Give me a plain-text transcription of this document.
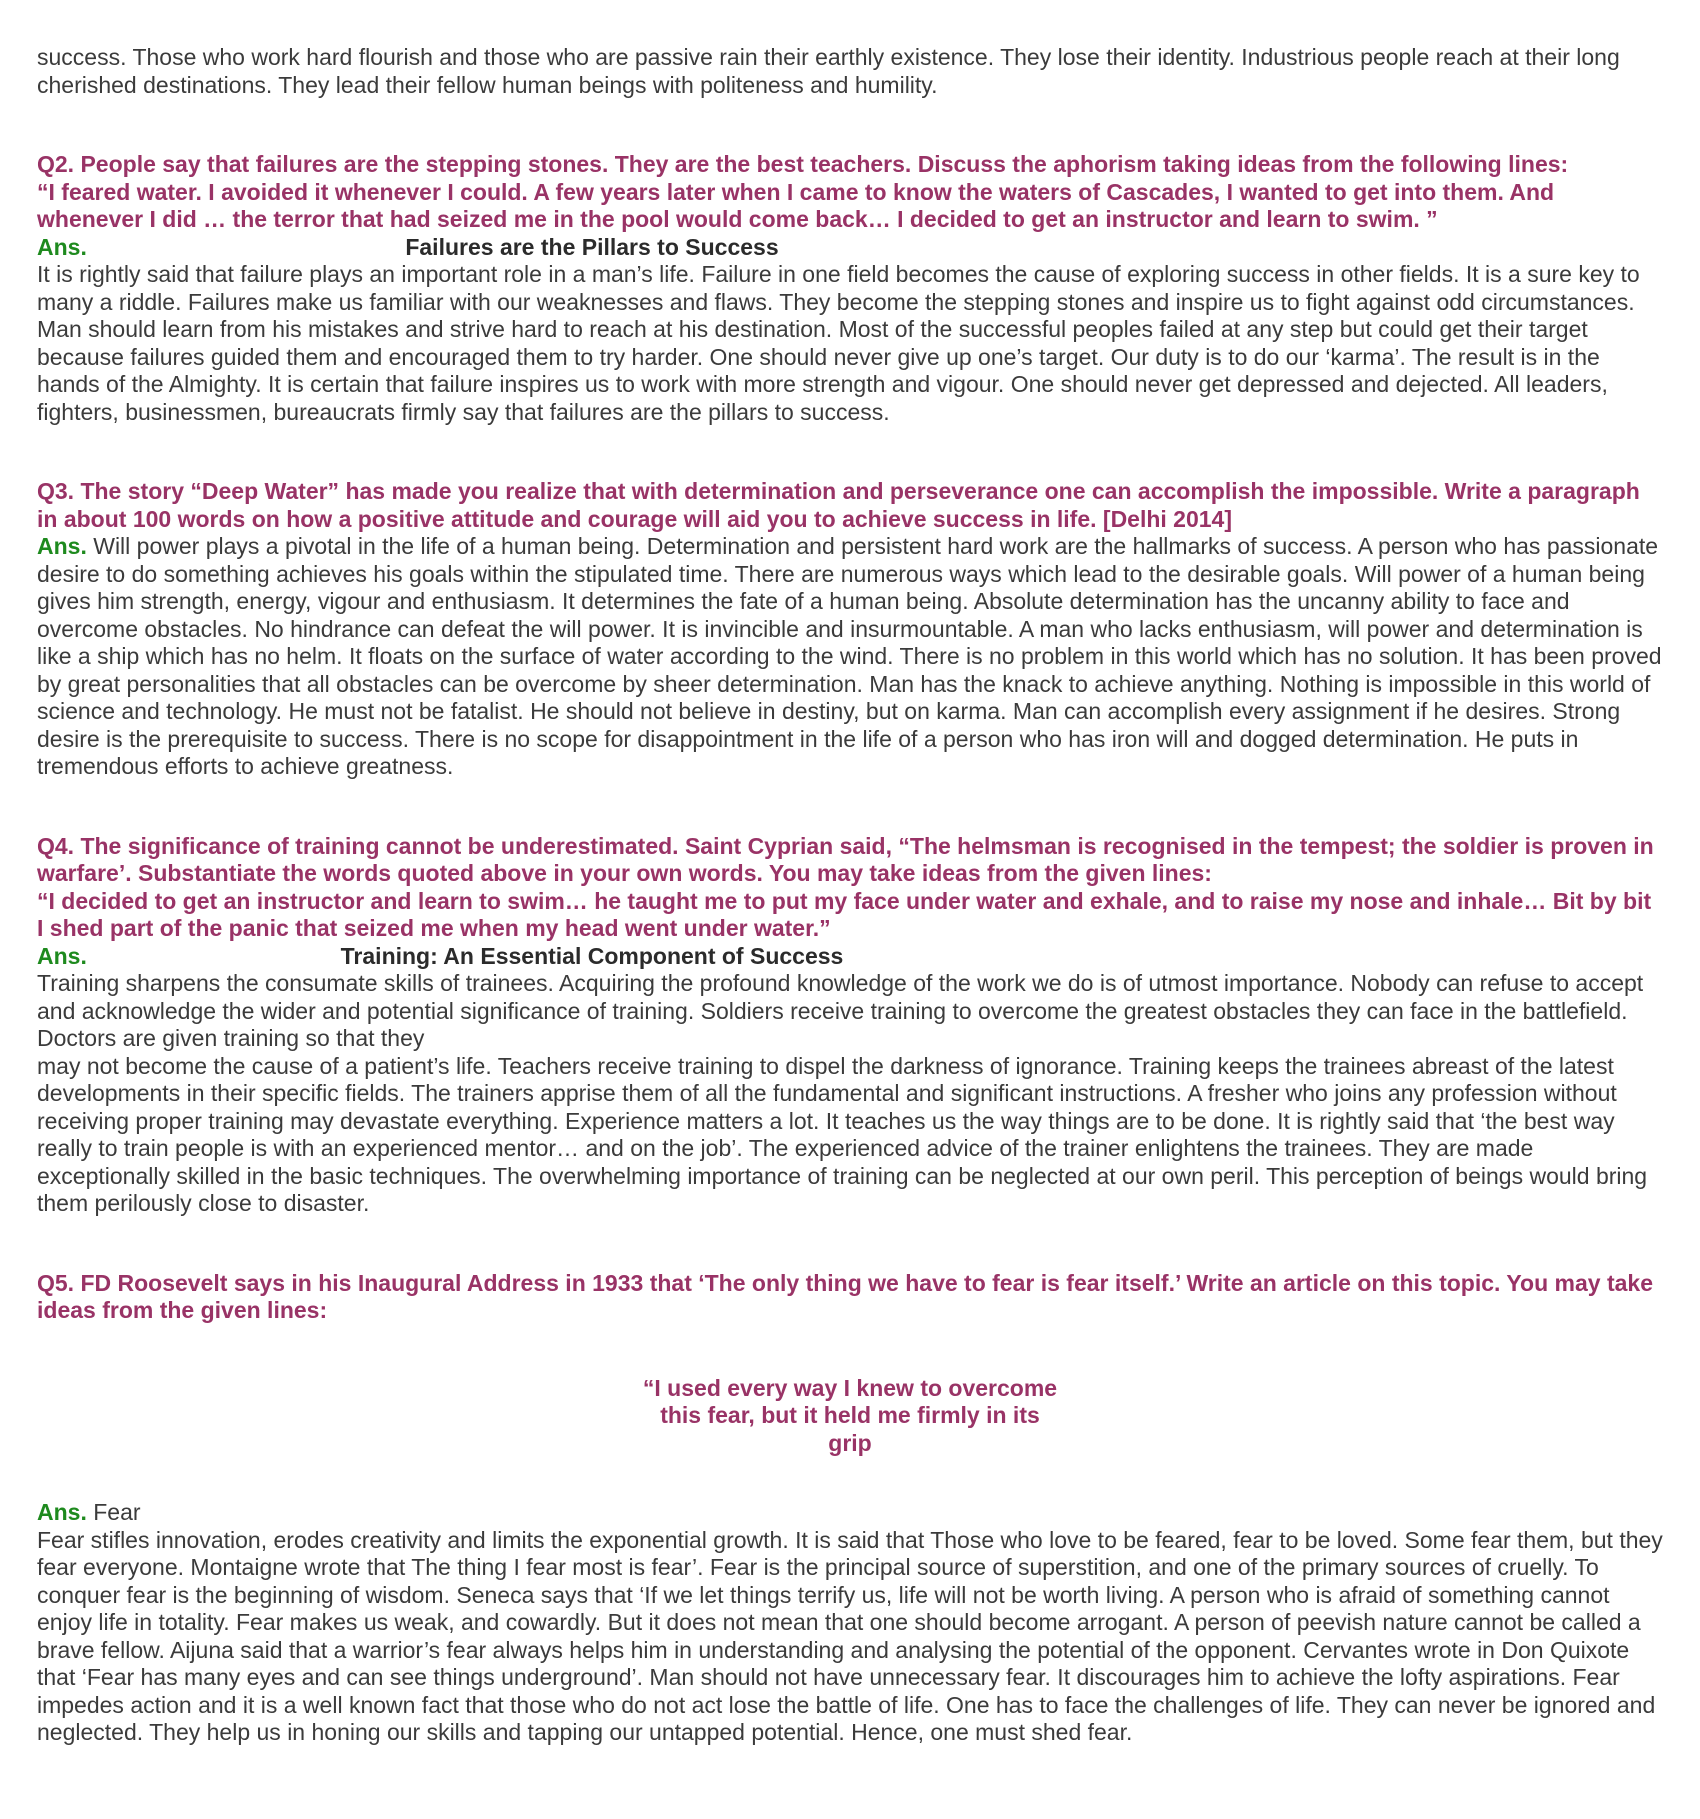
success. Those who work hard flourish and those who are passive rain their earthly existence. They lose their identity. Industrious people reach at their long cherished destinations. They lead their fellow human beings with politeness and humility.

Q2. People say that failures are the stepping stones. They are the best teachers. Discuss the aphorism taking ideas from the following lines:

“I feared water. I avoided it whenever I could. A few years later when I came to know the waters of Cascades, I wanted to get into them. And whenever I did … the terror that had seized me in the pool would come back… I decided to get an instructor and learn to swim. ”

Ans.	Failures are the Pillars to Success

It is rightly said that failure plays an important role in a man’s life. Failure in one field becomes the cause of exploring success in other fields. It is a sure key to many a riddle. Failures make us familiar with our weaknesses and flaws. They become the stepping stones and inspire us to fight against odd circumstances. Man should learn from his mistakes and strive hard to reach at his destination. Most of the successful peoples failed at any step but could get their target because failures guided them and encouraged them to try harder. One should never give up one’s target. Our duty is to do our ‘karma’. The result is in the hands of the Almighty. It is certain that failure inspires us to work with more strength and vigour. One should never get depressed and dejected. All leaders, fighters, businessmen, bureaucrats firmly say that failures are the pillars to success.

Q3. The story “Deep Water” has made you realize that with determination and perseverance one can accomplish the impossible. Write a paragraph in about 100 words on how a positive attitude and courage will aid you to achieve success in life. [Delhi 2014]

Ans. Will power plays a pivotal in the life of a human being. Determination and persistent hard work are the hallmarks of success. A person who has passionate desire to do something achieves his goals within the stipulated time. There are numerous ways which lead to the desirable goals. Will power of a human being gives him strength, energy, vigour and enthusiasm. It determines the fate of a human being. Absolute determination has the uncanny ability to face and overcome obstacles. No hindrance can defeat the will power. It is invincible and insurmountable. A man who lacks enthusiasm, will power and determination is like a ship which has no helm. It floats on the surface of water according to the wind. There is no problem in this world which has no solution. It has been proved by great personalities that all obstacles can be overcome by sheer determination. Man has the knack to achieve anything. Nothing is impossible in this world of science and technology. He must not be fatalist. He should not believe in destiny, but on karma. Man can accomplish every assignment if he desires. Strong desire is the prerequisite to success. There is no scope for disappointment in the life of a person who has iron will and dogged determination. He puts in tremendous efforts to achieve greatness.

Q4. The significance of training cannot be underestimated. Saint Cyprian said, “The helmsman is recognised in the tempest; the soldier is proven in warfare’. Substantiate the words quoted above in your own words. You may take ideas from the given lines:

“I decided to get an instructor and learn to swim… he taught me to put my face under water and exhale, and to raise my nose and inhale… Bit by bit I shed part of the panic that seized me when my head went under water.”

Ans.	Training: An Essential Component of Success

Training sharpens the consumate skills of trainees. Acquiring the profound knowledge of the work we do is of utmost importance. Nobody can refuse to accept and acknowledge the wider and potential significance of training. Soldiers receive training to overcome the greatest obstacles they can face in the battlefield. Doctors are given training so that they

may not become the cause of a patient’s life. Teachers receive training to dispel the darkness of ignorance. Training keeps the trainees abreast of the latest developments in their specific fields. The trainers apprise them of all the fundamental and significant instructions. A fresher who joins any profession without receiving proper training may devastate everything. Experience matters a lot. It teaches us the way things are to be done. It is rightly said that ‘the best way really to train people is with an experienced mentor… and on the job’. The experienced advice of the trainer enlightens the trainees. They are made exceptionally skilled in the basic techniques. The overwhelming importance of training can be neglected at our own peril. This perception of beings would bring them perilously close to disaster.

Q5. FD Roosevelt says in his Inaugural Address in 1933 that ‘The only thing we have to fear is fear itself.’ Write an article on this topic. You may take ideas from the given lines:

“I used every way I knew to overcome
this fear, but it held me firmly in its
grip

Ans. Fear

Fear stifles innovation, erodes creativity and limits the exponential growth. It is said that Those who love to be feared, fear to be loved. Some fear them, but they fear everyone. Montaigne wrote that The thing I fear most is fear’. Fear is the principal source of superstition, and one of the primary sources of cruelly. To conquer fear is the beginning of wisdom. Seneca says that ‘If we let things terrify us, life will not be worth living. A person who is afraid of something cannot enjoy life in totality. Fear makes us weak, and cowardly. But it does not mean that one should become arrogant. A person of peevish nature cannot be called a brave fellow. Aijuna said that a warrior’s fear always helps him in understanding and analysing the potential of the opponent. Cervantes wrote in Don Quixote that ‘Fear has many eyes and can see things underground’. Man should not have unnecessary fear. It discourages him to achieve the lofty aspirations. Fear impedes action and it is a well known fact that those who do not act lose the battle of life. One has to face the challenges of life. They can never be ignored and neglected. They help us in honing our skills and tapping our untapped potential. Hence, one must shed fear.
